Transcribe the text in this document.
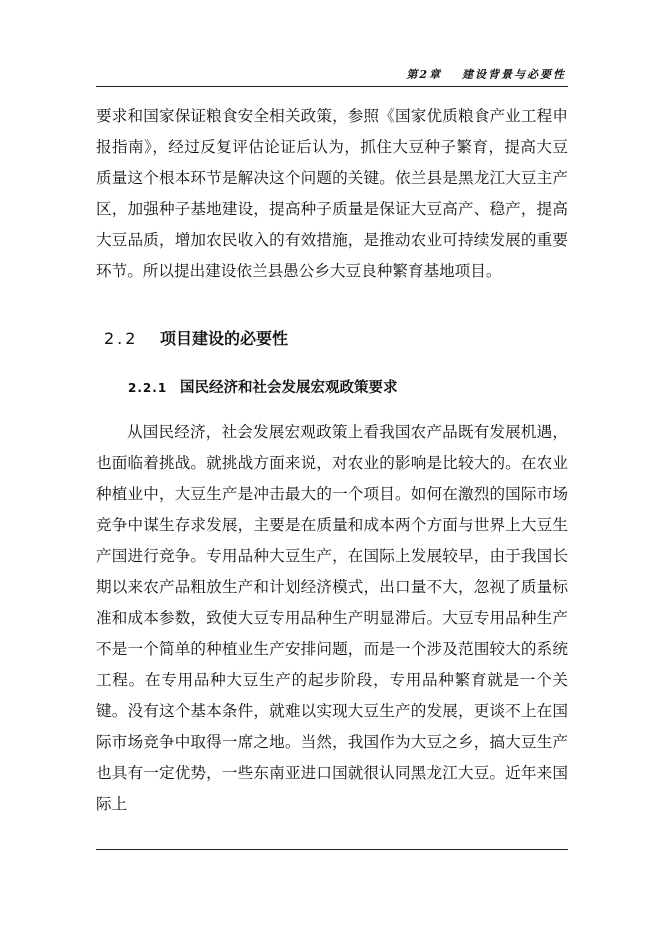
第2章 建设背景与必要性

要求和国家保证粮食安全相关政策，参照《国家优质粮食产业工程申报指南》，经过反复评估论证后认为，抓住大豆种子繁育，提高大豆质量这个根本环节是解决这个问题的关键。依兰县是黑龙江大豆主产区，加强种子基地建设，提高种子质量是保证大豆高产、稳产，提高大豆品质，增加农民收入的有效措施，是推动农业可持续发展的重要环节。所以提出建设依兰县愚公乡大豆良种繁育基地项目。

2.2 项目建设的必要性
2.2.1 国民经济和社会发展宏观政策要求

从国民经济，社会发展宏观政策上看我国农产品既有发展机遇，也面临着挑战。就挑战方面来说，对农业的影响是比较大的。在农业种植业中，大豆生产是冲击最大的一个项目。如何在激烈的国际市场竞争中谋生存求发展，主要是在质量和成本两个方面与世界上大豆生产国进行竞争。专用品种大豆生产，在国际上发展较早，由于我国长期以来农产品粗放生产和计划经济模式，出口量不大，忽视了质量标准和成本参数，致使大豆专用品种生产明显滞后。大豆专用品种生产不是一个简单的种植业生产安排问题，而是一个涉及范围较大的系统工程。在专用品种大豆生产的起步阶段，专用品种繁育就是一个关键。没有这个基本条件，就难以实现大豆生产的发展，更谈不上在国际市场竞争中取得一席之地。当然，我国作为大豆之乡，搞大豆生产也具有一定优势，一些东南亚进口国就很认同黑龙江大豆。近年来国际上
